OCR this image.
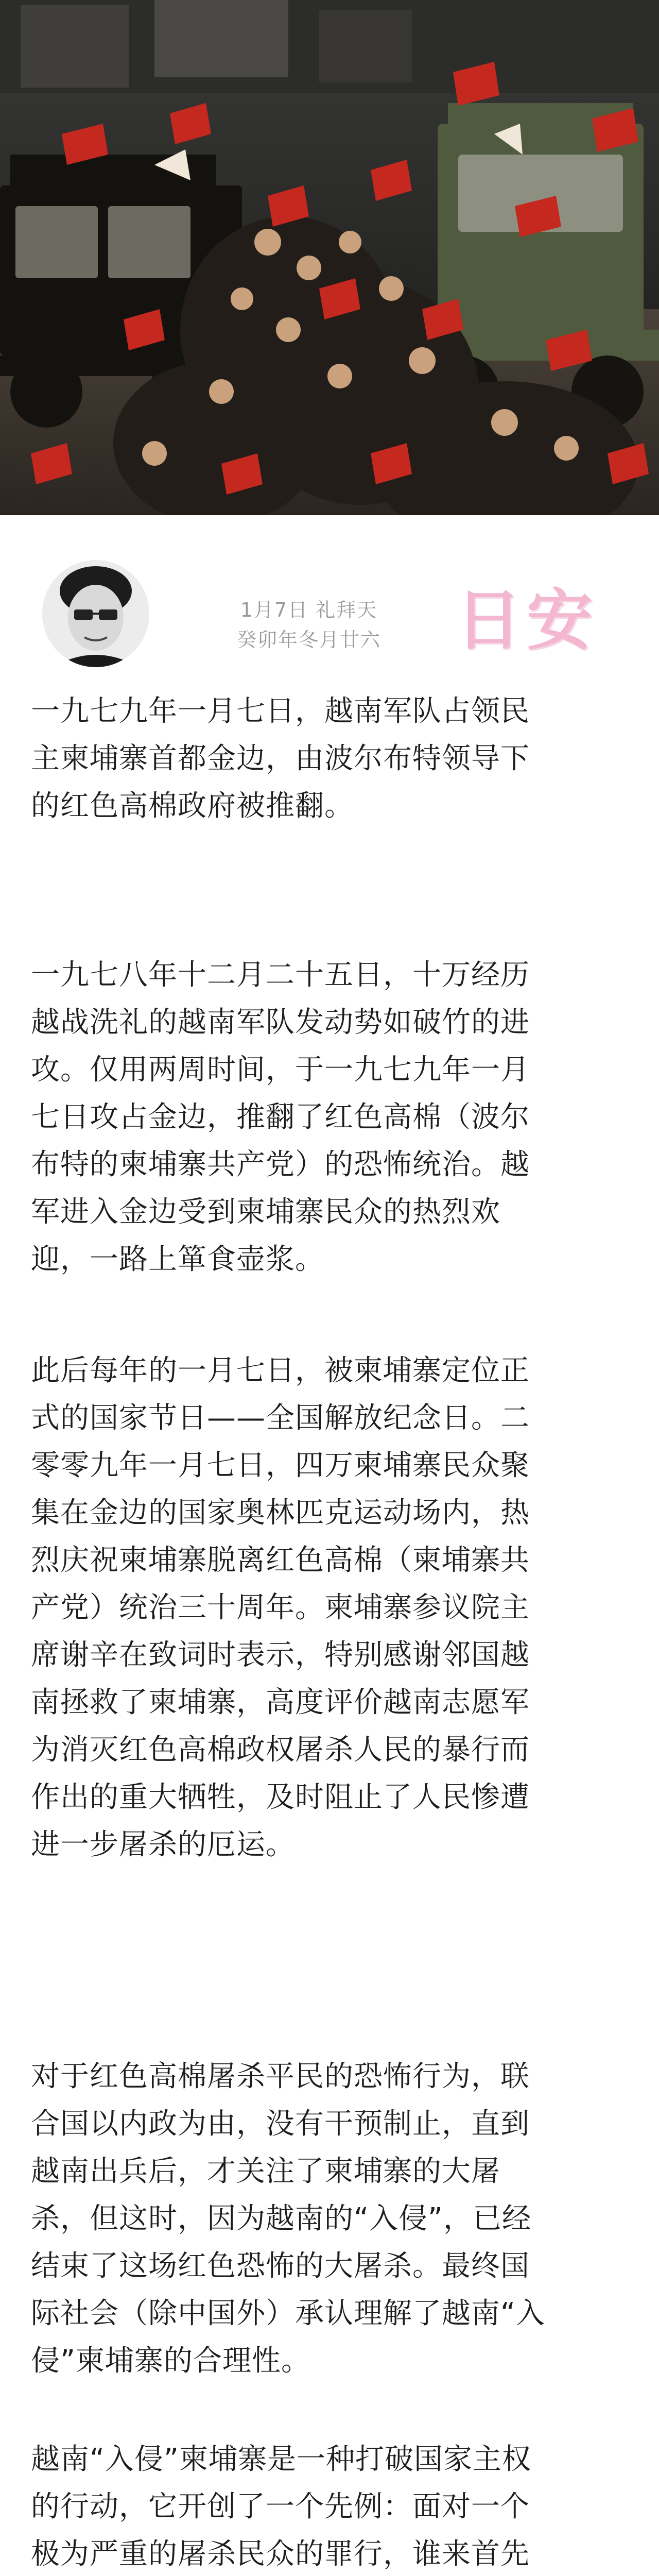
1月7日 礼拜天
癸卯年冬月廿六	日安

一九七九年一月七日，越南军队占领民
主柬埔寨首都金边，由波尔布特领导下
的红色高棉政府被推翻。

一九七八年十二月二十五日，十万经历
越战洗礼的越南军队发动势如破竹的进
攻。仅用两周时间，于一九七九年一月
七日攻占金边，推翻了红色高棉（波尔
布特的柬埔寨共产党）的恐怖统治。越
军进入金边受到柬埔寨民众的热烈欢
迎，一路上箪食壶浆。

此后每年的一月七日，被柬埔寨定位正
式的国家节日——全国解放纪念日。二
零零九年一月七日，四万柬埔寨民众聚
集在金边的国家奥林匹克运动场内，热
烈庆祝柬埔寨脱离红色高棉（柬埔寨共
产党）统治三十周年。柬埔寨参议院主
席谢辛在致词时表示，特别感谢邻国越
南拯救了柬埔寨，高度评价越南志愿军
为消灭红色高棉政权屠杀人民的暴行而
作出的重大牺牲，及时阻止了人民惨遭
进一步屠杀的厄运。

对于红色高棉屠杀平民的恐怖行为，联
合国以内政为由，没有干预制止，直到
越南出兵后，才关注了柬埔寨的大屠
杀，但这时，因为越南的“入侵”，已经
结束了这场红色恐怖的大屠杀。最终国
际社会（除中国外）承认理解了越南“入
侵”柬埔寨的合理性。

越南“入侵”柬埔寨是一种打破国家主权
的行动，它开创了一个先例：面对一个
极为严重的屠杀民众的罪行，谁来首先
